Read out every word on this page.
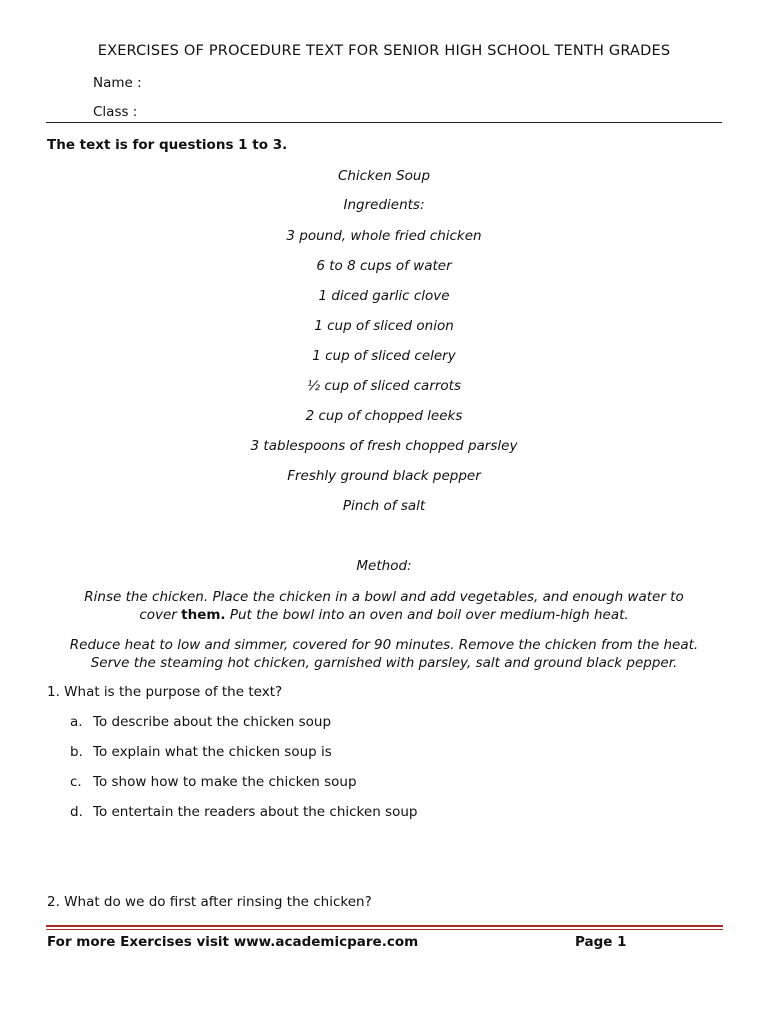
EXERCISES OF PROCEDURE TEXT FOR SENIOR HIGH SCHOOL TENTH GRADES
Name :
Class :
The text is for questions 1 to 3.
Chicken Soup
Ingredients:
3 pound, whole fried chicken
6 to 8 cups of water
1 diced garlic clove
1 cup of sliced onion
1 cup of sliced celery
½ cup of sliced carrots
2 cup of chopped leeks
3 tablespoons of fresh chopped parsley
Freshly ground black pepper
Pinch of salt
Method:
Rinse the chicken. Place the chicken in a bowl and add vegetables, and enough water to
cover them. Put the bowl into an oven and boil over medium-high heat.
Reduce heat to low and simmer, covered for 90 minutes. Remove the chicken from the heat.
Serve the steaming hot chicken, garnished with parsley, salt and ground black pepper.
1. What is the purpose of the text?
a. To describe about the chicken soup
b. To explain what the chicken soup is
c. To show how to make the chicken soup
d. To entertain the readers about the chicken soup
2. What do we do first after rinsing the chicken?
For more Exercises visit www.academicpare.com	Page 1
